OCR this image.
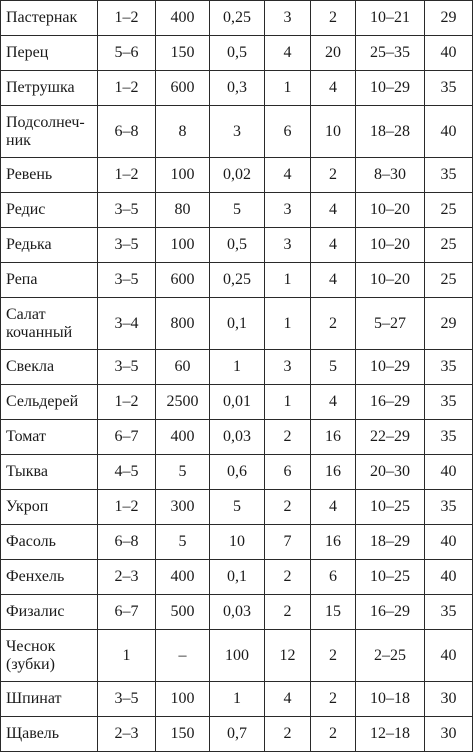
Пастернак	1–2	400	0,25	3	2	10–21	29
Перец	5–6	150	0,5	4	20	25–35	40
Петрушка	1–2	600	0,3	1	4	10–29	35
Подсолнеч-
ник	6–8	8	3	6	10	18–28	40
Ревень	1–2	100	0,02	4	2	8–30	35
Редис	3–5	80	5	3	4	10–20	25
Редька	3–5	100	0,5	3	4	10–20	25
Репа	3–5	600	0,25	1	4	10–20	25
Салат
кочанный	3–4	800	0,1	1	2	5–27	29
Свекла	3–5	60	1	3	5	10–29	35
Сельдерей	1–2	2500	0,01	1	4	16–29	35
Томат	6–7	400	0,03	2	16	22–29	35
Тыква	4–5	5	0,6	6	16	20–30	40
Укроп	1–2	300	5	2	4	10–25	35
Фасоль	6–8	5	10	7	16	18–29	40
Фенхель	2–3	400	0,1	2	6	10–25	40
Физалис	6–7	500	0,03	2	15	16–29	35
Чеснок
(зубки)	1	–	100	12	2	2–25	40
Шпинат	3–5	100	1	4	2	10–18	30
Щавель	2–3	150	0,7	2	2	12–18	30
